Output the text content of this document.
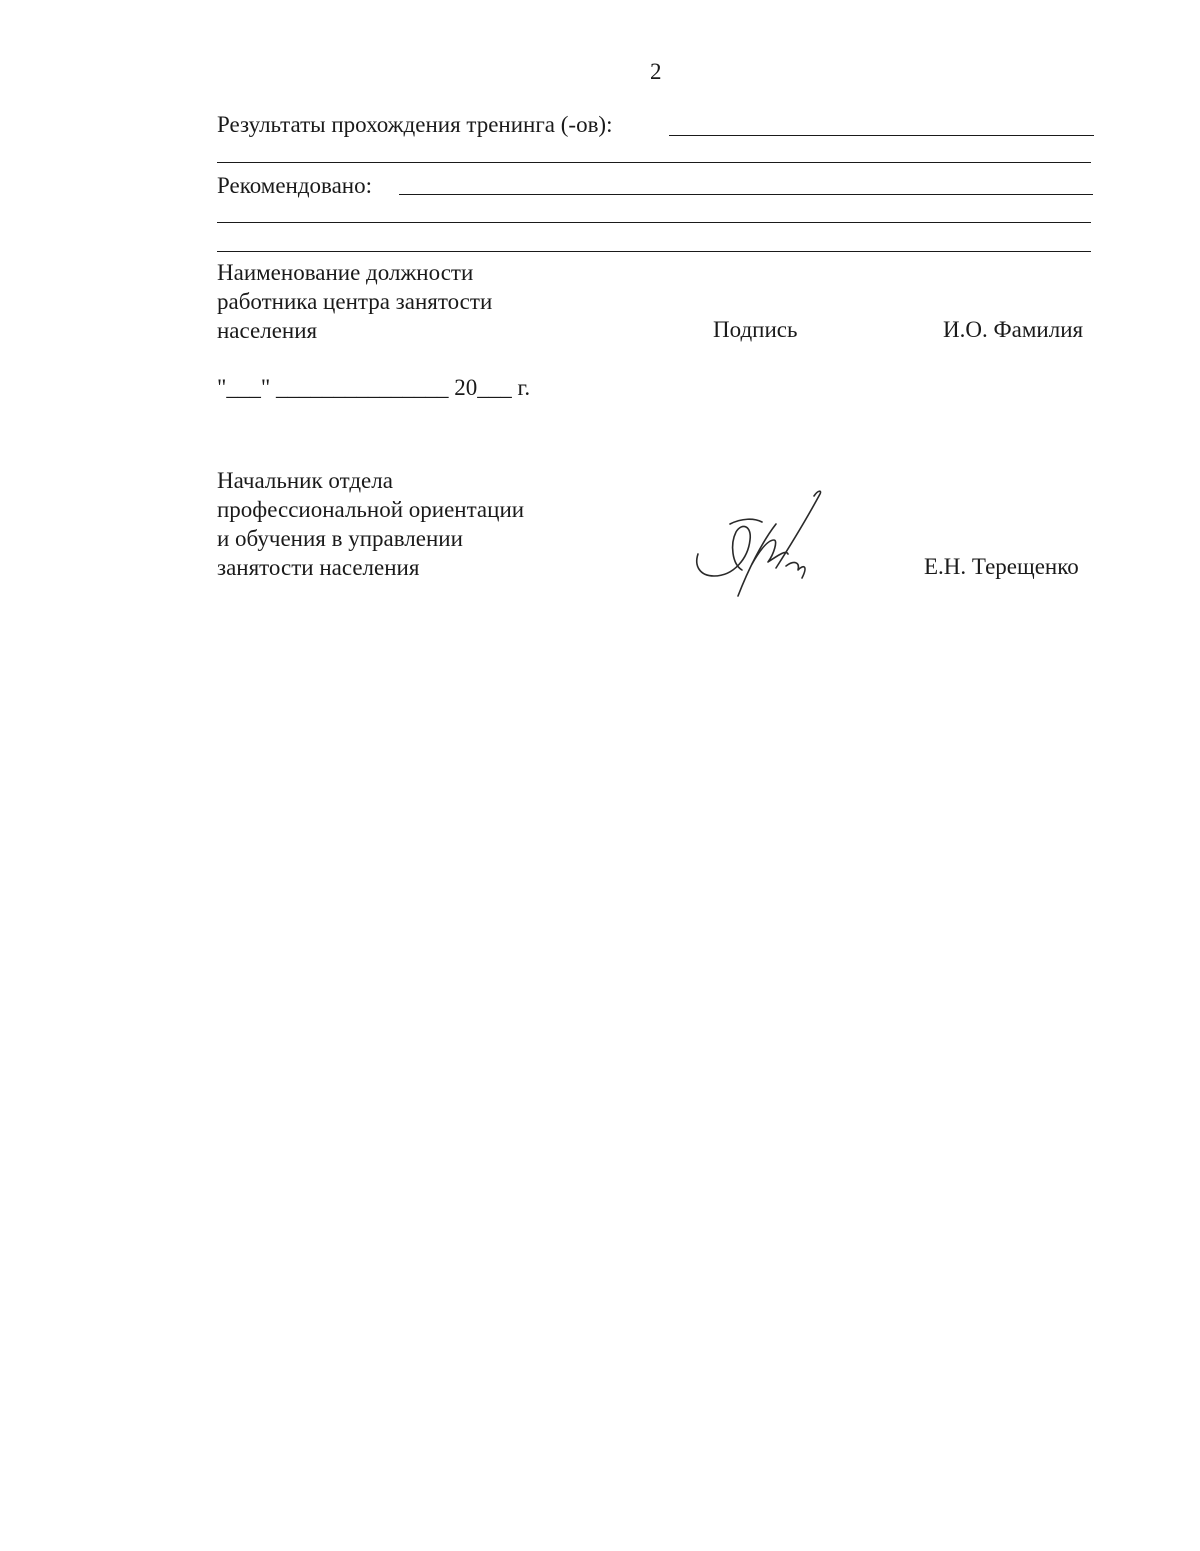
2
Результаты прохождения тренинга (-ов):
Рекомендовано:
Наименование должности
работника центра занятости
населения	Подпись	И.О. Фамилия
"___" _______________ 20___ г.
Начальник отдела
профессиональной ориентации
и обучения в управлении
занятости населения	Е.Н. Терещенко
